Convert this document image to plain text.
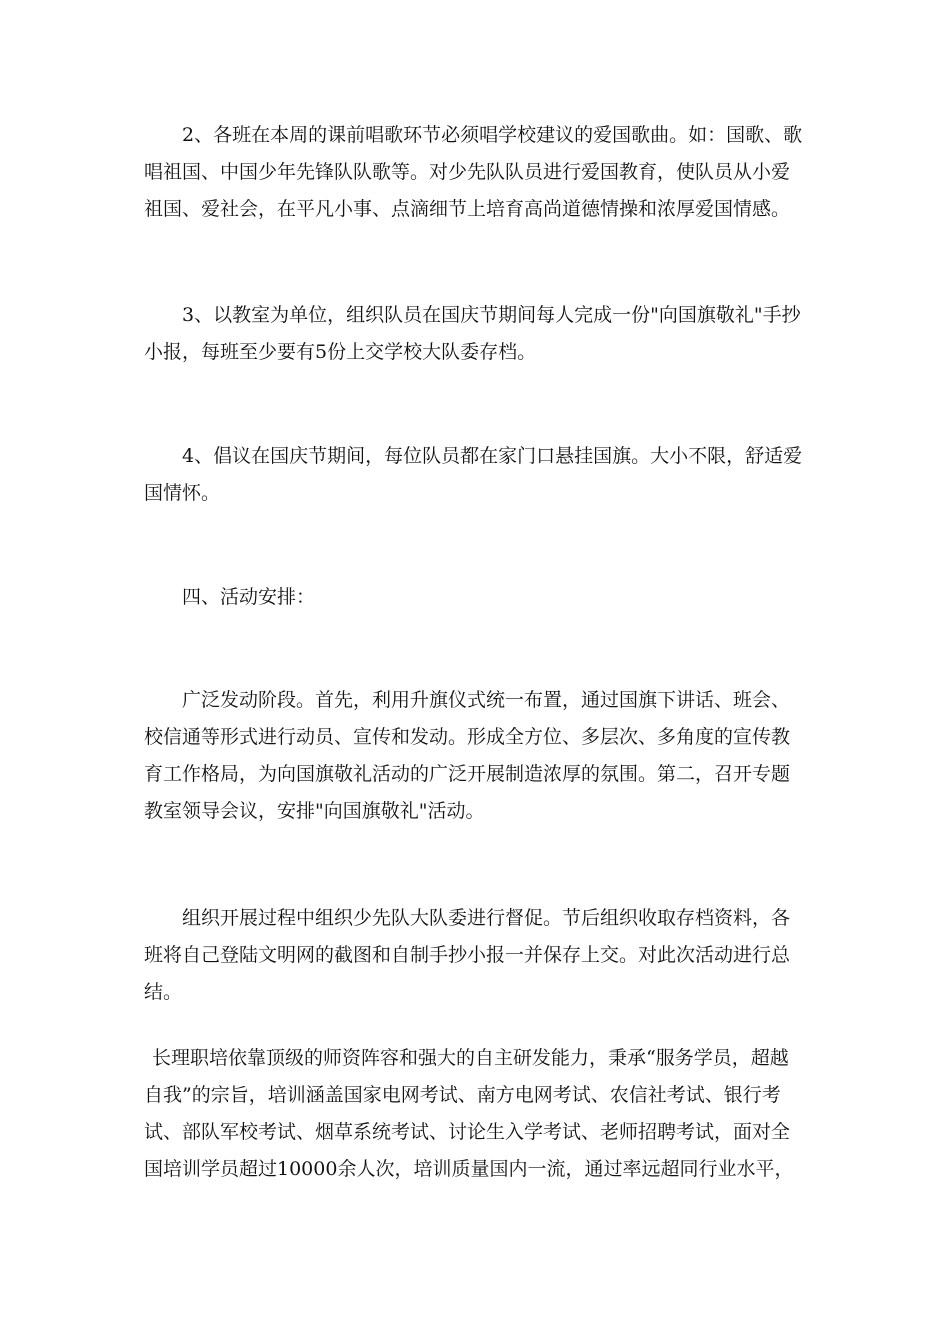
2、各班在本周的课前唱歌环节必须唱学校建议的爱国歌曲。如：国歌、歌唱祖国、中国少年先锋队队歌等。对少先队队员进行爱国教育，使队员从小爱祖国、爱社会，在平凡小事、点滴细节上培育高尚道德情操和浓厚爱国情感。

3、以教室为单位，组织队员在国庆节期间每人完成一份"向国旗敬礼"手抄小报，每班至少要有5份上交学校大队委存档。

4、倡议在国庆节期间，每位队员都在家门口悬挂国旗。大小不限，舒适爱国情怀。

四、活动安排：

广泛发动阶段。首先，利用升旗仪式统一布置，通过国旗下讲话、班会、校信通等形式进行动员、宣传和发动。形成全方位、多层次、多角度的宣传教育工作格局，为向国旗敬礼活动的广泛开展制造浓厚的氛围。第二，召开专题教室领导会议，安排"向国旗敬礼"活动。

组织开展过程中组织少先队大队委进行督促。节后组织收取存档资料，各班将自己登陆文明网的截图和自制手抄小报一并保存上交。对此次活动进行总结。

长理职培依靠顶级的师资阵容和强大的自主研发能力，秉承“服务学员，超越自我”的宗旨，培训涵盖国家电网考试、南方电网考试、农信社考试、银行考试、部队军校考试、烟草系统考试、讨论生入学考试、老师招聘考试，面对全国培训学员超过10000余人次，培训质量国内一流，通过率远超同行业水平，
